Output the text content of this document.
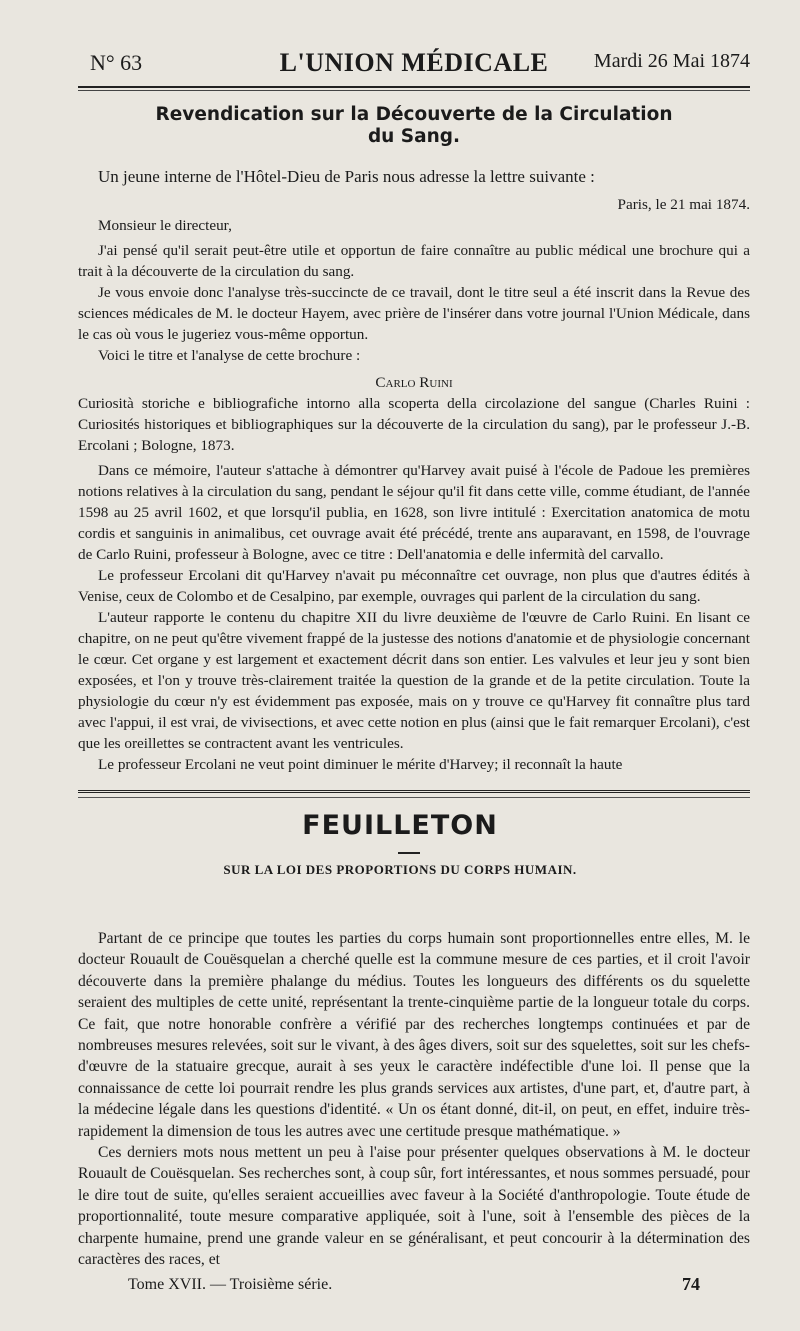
N° 63	L'UNION MÉDICALE	Mardi 26 Mai 1874
Revendication sur la Découverte de la Circulation
du Sang.

Un jeune interne de l'Hôtel-Dieu de Paris nous adresse la lettre suivante :

Paris, le 21 mai 1874.

Monsieur le directeur,

J'ai pensé qu'il serait peut-être utile et opportun de faire connaître au public médical une brochure qui a trait à la découverte de la circulation du sang.

Je vous envoie donc l'analyse très-succincte de ce travail, dont le titre seul a été inscrit dans la Revue des sciences médicales de M. le docteur Hayem, avec prière de l'insérer dans votre journal l'Union Médicale, dans le cas où vous le jugeriez vous-même opportun.

Voici le titre et l'analyse de cette brochure :

Carlo Ruini

Curiosità storiche e bibliografiche intorno alla scoperta della circolazione del sangue (Charles Ruini : Curiosités historiques et bibliographiques sur la découverte de la circulation du sang), par le professeur J.-B. Ercolani ; Bologne, 1873.

Dans ce mémoire, l'auteur s'attache à démontrer qu'Harvey avait puisé à l'école de Padoue les premières notions relatives à la circulation du sang, pendant le séjour qu'il fit dans cette ville, comme étudiant, de l'année 1598 au 25 avril 1602, et que lorsqu'il publia, en 1628, son livre intitulé : Exercitation anatomica de motu cordis et sanguinis in animalibus, cet ouvrage avait été précédé, trente ans auparavant, en 1598, de l'ouvrage de Carlo Ruini, professeur à Bologne, avec ce titre : Dell'anatomia e delle infermità del carvallo.

Le professeur Ercolani dit qu'Harvey n'avait pu méconnaître cet ouvrage, non plus que d'autres édités à Venise, ceux de Colombo et de Cesalpino, par exemple, ouvrages qui parlent de la circulation du sang.

L'auteur rapporte le contenu du chapitre XII du livre deuxième de l'œuvre de Carlo Ruini. En lisant ce chapitre, on ne peut qu'être vivement frappé de la justesse des notions d'anatomie et de physiologie concernant le cœur. Cet organe y est largement et exactement décrit dans son entier. Les valvules et leur jeu y sont bien exposées, et l'on y trouve très-clairement traitée la question de la grande et de la petite circulation. Toute la physiologie du cœur n'y est évidemment pas exposée, mais on y trouve ce qu'Harvey fit connaître plus tard avec l'appui, il est vrai, de vivisections, et avec cette notion en plus (ainsi que le fait remarquer Ercolani), c'est que les oreillettes se contractent avant les ventricules.

Le professeur Ercolani ne veut point diminuer le mérite d'Harvey; il reconnaît la haute

FEUILLETON
SUR LA LOI DES PROPORTIONS DU CORPS HUMAIN.

Partant de ce principe que toutes les parties du corps humain sont proportionnelles entre elles, M. le docteur Rouault de Couësquelan a cherché quelle est la commune mesure de ces parties, et il croit l'avoir découverte dans la première phalange du médius. Toutes les longueurs des différents os du squelette seraient des multiples de cette unité, représentant la trente-cinquième partie de la longueur totale du corps. Ce fait, que notre honorable confrère a vérifié par des recherches longtemps continuées et par de nombreuses mesures relevées, soit sur le vivant, à des âges divers, soit sur des squelettes, soit sur les chefs-d'œuvre de la statuaire grecque, aurait à ses yeux le caractère indéfectible d'une loi. Il pense que la connaissance de cette loi pourrait rendre les plus grands services aux artistes, d'une part, et, d'autre part, à la médecine légale dans les questions d'identité. « Un os étant donné, dit-il, on peut, en effet, induire très-rapidement la dimension de tous les autres avec une certitude presque mathématique. »

Ces derniers mots nous mettent un peu à l'aise pour présenter quelques observations à M. le docteur Rouault de Couësquelan. Ses recherches sont, à coup sûr, fort intéressantes, et nous sommes persuadé, pour le dire tout de suite, qu'elles seraient accueillies avec faveur à la Société d'anthropologie. Toute étude de proportionnalité, toute mesure comparative appliquée, soit à l'une, soit à l'ensemble des pièces de la charpente humaine, prend une grande valeur en se généralisant, et peut concourir à la détermination des caractères des races, et

Tome XVII. — Troisième série.	74
